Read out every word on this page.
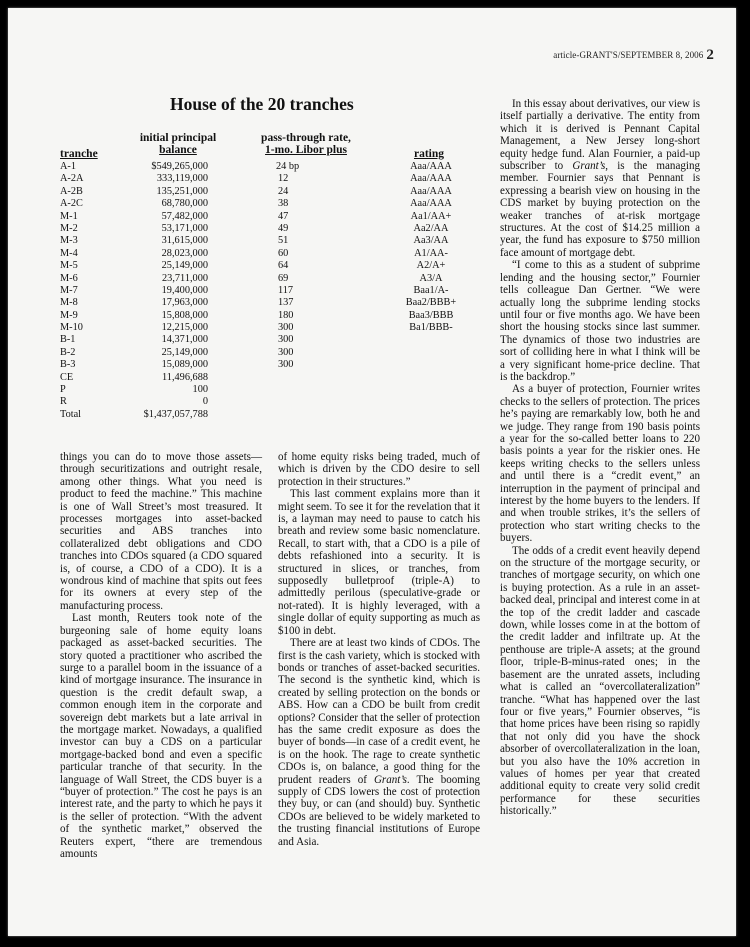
article-GRANT'S/SEPTEMBER 8, 2006 2
House of the 20 tranches
tranche
initial principal
balance
pass-through rate,
1-mo. Libor plus	rating
A-1	$549,265,000	24 bp	Aaa/AAA
A-2A	333,119,000	12	Aaa/AAA
A-2B	135,251,000	24	Aaa/AAA
A-2C	68,780,000	38	Aaa/AAA
M-1	57,482,000	47	Aa1/AA+
M-2	53,171,000	49	Aa2/AA
M-3	31,615,000	51	Aa3/AA
M-4	28,023,000	60	A1/AA-
M-5	25,149,000	64	A2/A+
M-6	23,711,000	69	A3/A
M-7	19,400,000	117	Baa1/A-
M-8	17,963,000	137	Baa2/BBB+
M-9	15,808,000	180	Baa3/BBB
M-10	12,215,000	300	Ba1/BBB-
B-1	14,371,000	300
B-2	25,149,000	300
B-3	15,089,000	300
CE	11,496,688
P	100
R	0
Total	$1,437,057,788

things you can do to move those assets—through securitizations and outright resale, among other things. What you need is product to feed the machine.” This machine is one of Wall Street’s most treasured. It processes mortgages into asset-backed securities and ABS tranches into collateralized debt obligations and CDO tranches into CDOs squared (a CDO squared is, of course, a CDO of a CDO). It is a wondrous kind of machine that spits out fees for its owners at every step of the manufacturing process.

Last month, Reuters took note of the burgeoning sale of home equity loans packaged as asset-backed securities. The story quoted a practitioner who ascribed the surge to a parallel boom in the issuance of a kind of mortgage insurance. The insurance in question is the credit default swap, a common enough item in the corporate and sovereign debt markets but a late arrival in the mortgage market. Nowadays, a qualified investor can buy a CDS on a particular mortgage-backed bond and even a specific particular tranche of that security. In the language of Wall Street, the CDS buyer is a “buyer of protection.” The cost he pays is an interest rate, and the party to which he pays it is the seller of protection. “With the advent of the synthetic market,” observed the Reuters expert, “there are tremendous amounts

of home equity risks being traded, much of which is driven by the CDO desire to sell protection in their structures.”

This last comment explains more than it might seem. To see it for the revelation that it is, a layman may need to pause to catch his breath and review some basic nomenclature. Recall, to start with, that a CDO is a pile of debts refashioned into a security. It is structured in slices, or tranches, from supposedly bulletproof (triple-A) to admittedly perilous (speculative-grade or not-rated). It is highly leveraged, with a single dollar of equity supporting as much as $100 in debt.

There are at least two kinds of CDOs. The first is the cash variety, which is stocked with bonds or tranches of asset-backed securities. The second is the synthetic kind, which is created by selling protection on the bonds or ABS. How can a CDO be built from credit options? Consider that the seller of protection has the same credit exposure as does the buyer of bonds—in case of a credit event, he is on the hook. The rage to create synthetic CDOs is, on balance, a good thing for the prudent readers of Grant’s. The booming supply of CDS lowers the cost of protection they buy, or can (and should) buy. Synthetic CDOs are believed to be widely marketed to the trusting financial institutions of Europe and Asia.

In this essay about derivatives, our view is itself partially a derivative. The entity from which it is derived is Pennant Capital Management, a New Jersey long-short equity hedge fund. Alan Fournier, a paid-up subscriber to Grant’s, is the managing member. Fournier says that Pennant is expressing a bearish view on housing in the CDS market by buying protection on the weaker tranches of at-risk mortgage structures. At the cost of $14.25 million a year, the fund has exposure to $750 million face amount of mortgage debt.

“I come to this as a student of subprime lending and the housing sector,” Fournier tells colleague Dan Gertner. “We were actually long the subprime lending stocks until four or five months ago. We have been short the housing stocks since last summer. The dynamics of those two industries are sort of colliding here in what I think will be a very significant home-price decline. That is the backdrop.”

As a buyer of protection, Fournier writes checks to the sellers of protection. The prices he’s paying are remarkably low, both he and we judge. They range from 190 basis points a year for the so-called better loans to 220 basis points a year for the riskier ones. He keeps writing checks to the sellers unless and until there is a “credit event,” an interruption in the payment of principal and interest by the home buyers to the lenders. If and when trouble strikes, it’s the sellers of protection who start writing checks to the buyers.

The odds of a credit event heavily depend on the structure of the mortgage security, or tranches of mortgage security, on which one is buying protection. As a rule in an asset-backed deal, principal and interest come in at the top of the credit ladder and cascade down, while losses come in at the bottom of the credit ladder and infiltrate up. At the penthouse are triple-A assets; at the ground floor, triple-B-minus-rated ones; in the basement are the unrated assets, including what is called an “overcollateralization” tranche. “What has happened over the last four or five years,” Fournier observes, “is that home prices have been rising so rapidly that not only did you have the shock absorber of overcollateralization in the loan, but you also have the 10% accretion in values of homes per year that created additional equity to create very solid credit performance for these securities historically.”
